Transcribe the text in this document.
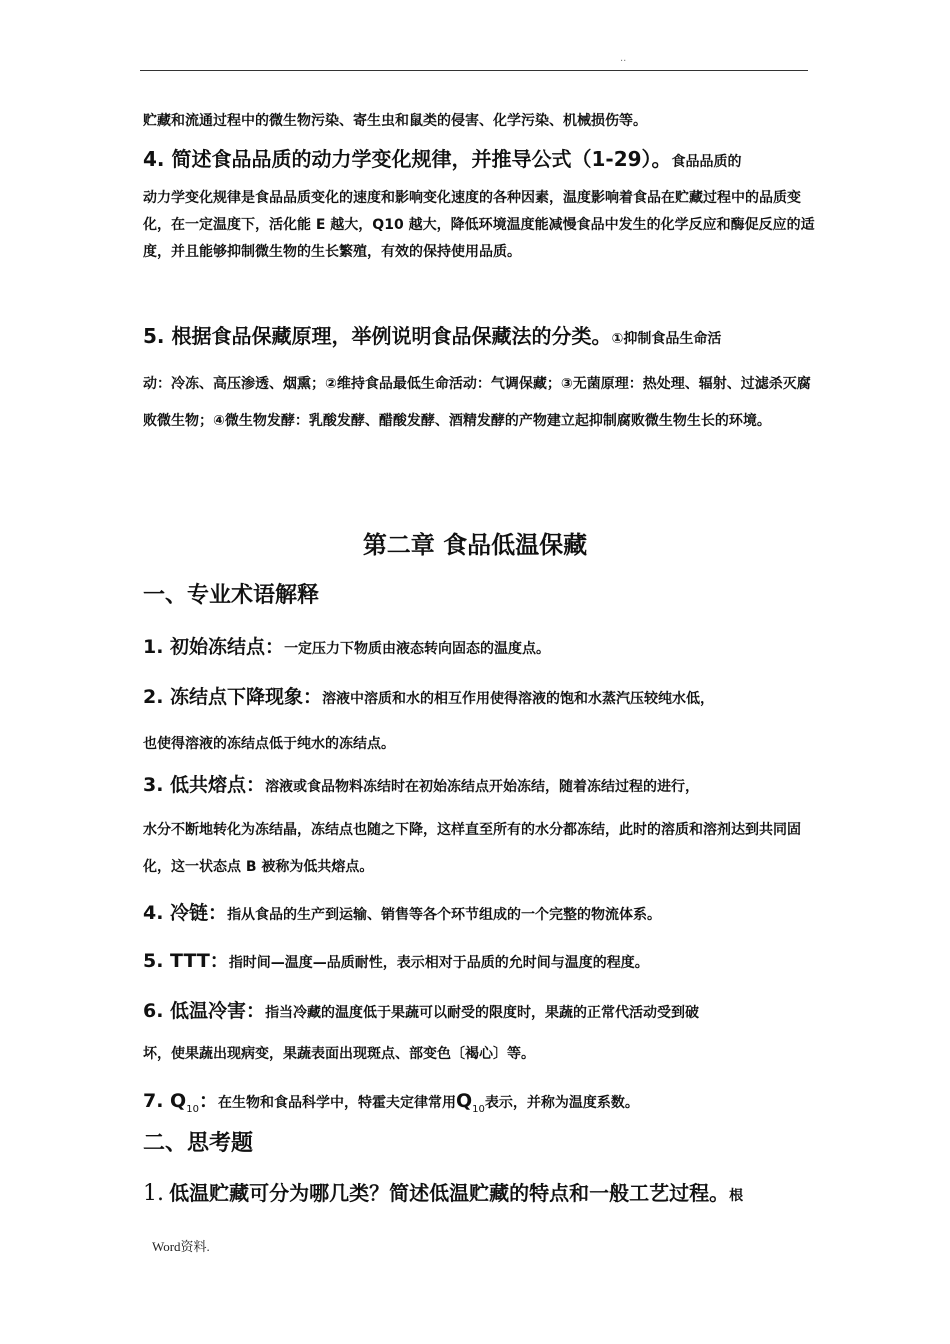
··
贮藏和流通过程中的微生物污染、寄生虫和鼠类的侵害、化学污染、机械损伤等。
4. 简述食品品质的动力学变化规律，并推导公式（1-29）。食品品质的
动力学变化规律是食品品质变化的速度和影响变化速度的各种因素，温度影响着食品在贮藏过程中的品质变化，在一定温度下，活化能 E 越大，Q10 越大，降低环境温度能减慢食品中发生的化学反应和酶促反应的适度，并且能够抑制微生物的生长繁殖，有效的保持使用品质。
5. 根据食品保藏原理，举例说明食品保藏法的分类。①抑制食品生命活
动：冷冻、高压渗透、烟熏；②维持食品最低生命活动：气调保藏；③无菌原理：热处理、辐射、过滤杀灭腐败微生物；④微生物发酵：乳酸发酵、醋酸发酵、酒精发酵的产物建立起抑制腐败微生物生长的环境。
第二章 食品低温保藏
一、专业术语解释
1. 初始冻结点：一定压力下物质由液态转向固态的温度点。
2. 冻结点下降现象：溶液中溶质和水的相互作用使得溶液的饱和水蒸汽压较纯水低，
也使得溶液的冻结点低于纯水的冻结点。
3. 低共熔点：溶液或食品物料冻结时在初始冻结点开始冻结，随着冻结过程的进行，
水分不断地转化为冻结晶，冻结点也随之下降，这样直至所有的水分都冻结，此时的溶质和溶剂达到共同固化，这一状态点 B 被称为低共熔点。
4. 冷链：指从食品的生产到运输、销售等各个环节组成的一个完整的物流体系。
5. TTT：指时间—温度—品质耐性，表示相对于品质的允时间与温度的程度。
6. 低温冷害：指当冷藏的温度低于果蔬可以耐受的限度时，果蔬的正常代活动受到破
坏，使果蔬出现病变，果蔬表面出现斑点、部变色〔褐心〕等。
7. $Q_{10}$：在生物和食品科学中，特霍夫定律常用$Q_{10}$表示，并称为温度系数。
二、思考题
1. 低温贮藏可分为哪几类？简述低温贮藏的特点和一般工艺过程。根
Word资料.
